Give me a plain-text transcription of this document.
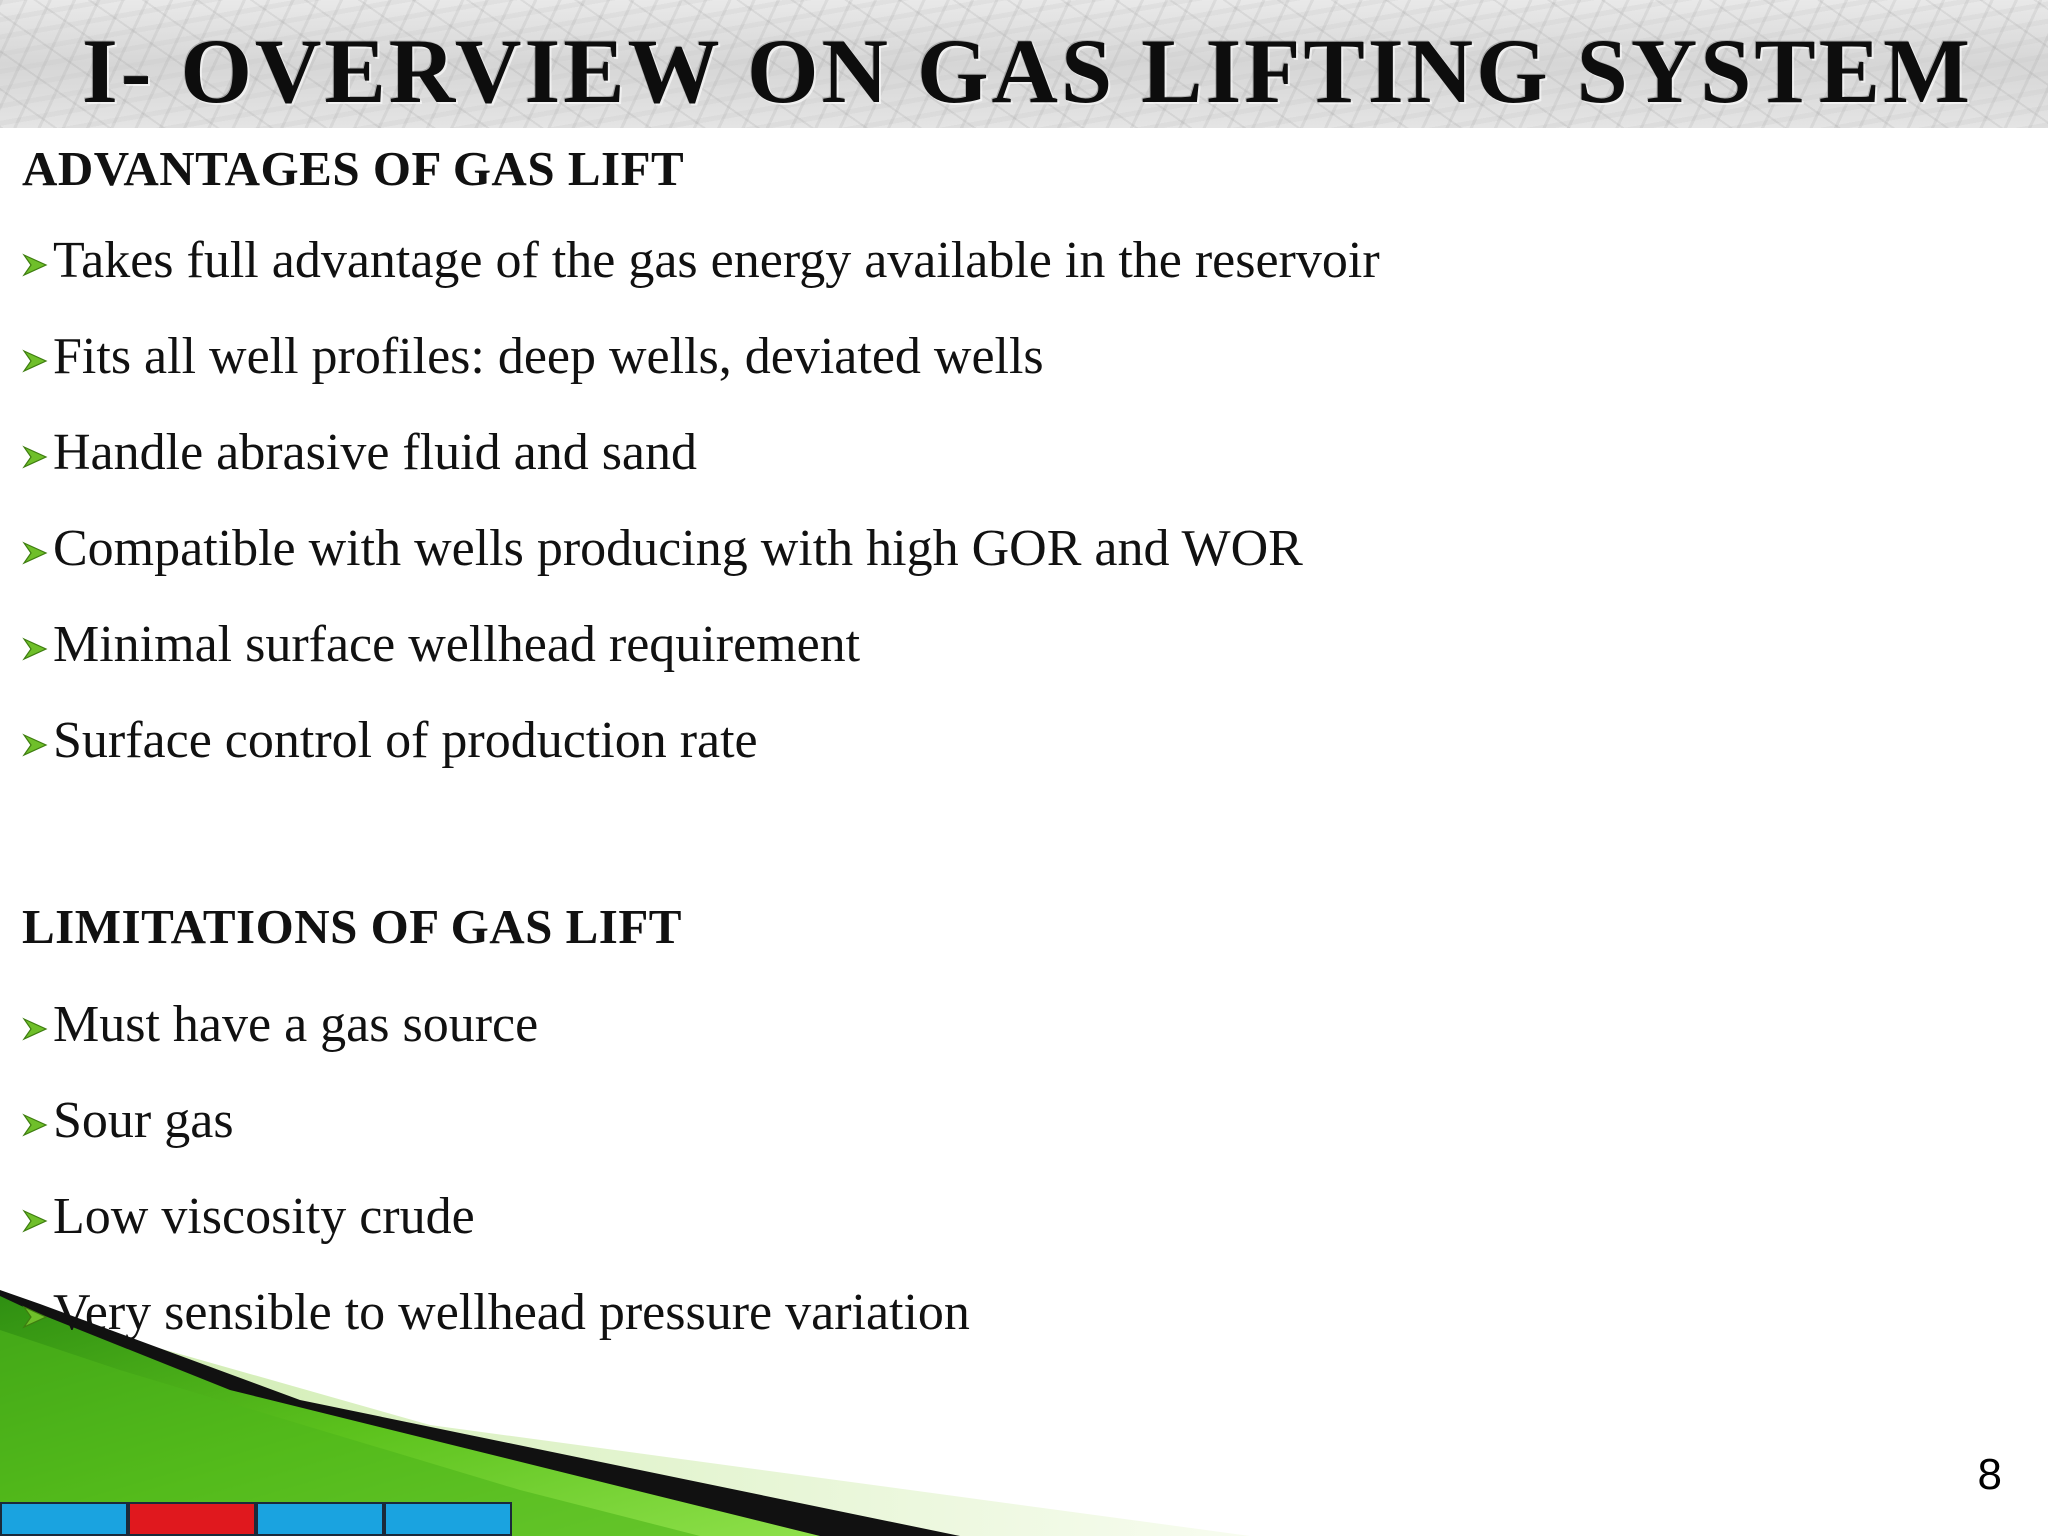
I- OVERVIEW ON GAS LIFTING SYSTEM
ADVANTAGES OF GAS LIFT
Takes full advantage of the gas energy available in the reservoir
Fits all well profiles: deep wells, deviated wells
Handle abrasive fluid and sand
Compatible with wells producing with high GOR and WOR
Minimal surface wellhead requirement
Surface control of production rate
LIMITATIONS OF GAS LIFT
Must have a gas source
Sour gas
Low viscosity crude
Very sensible to wellhead pressure variation
8
